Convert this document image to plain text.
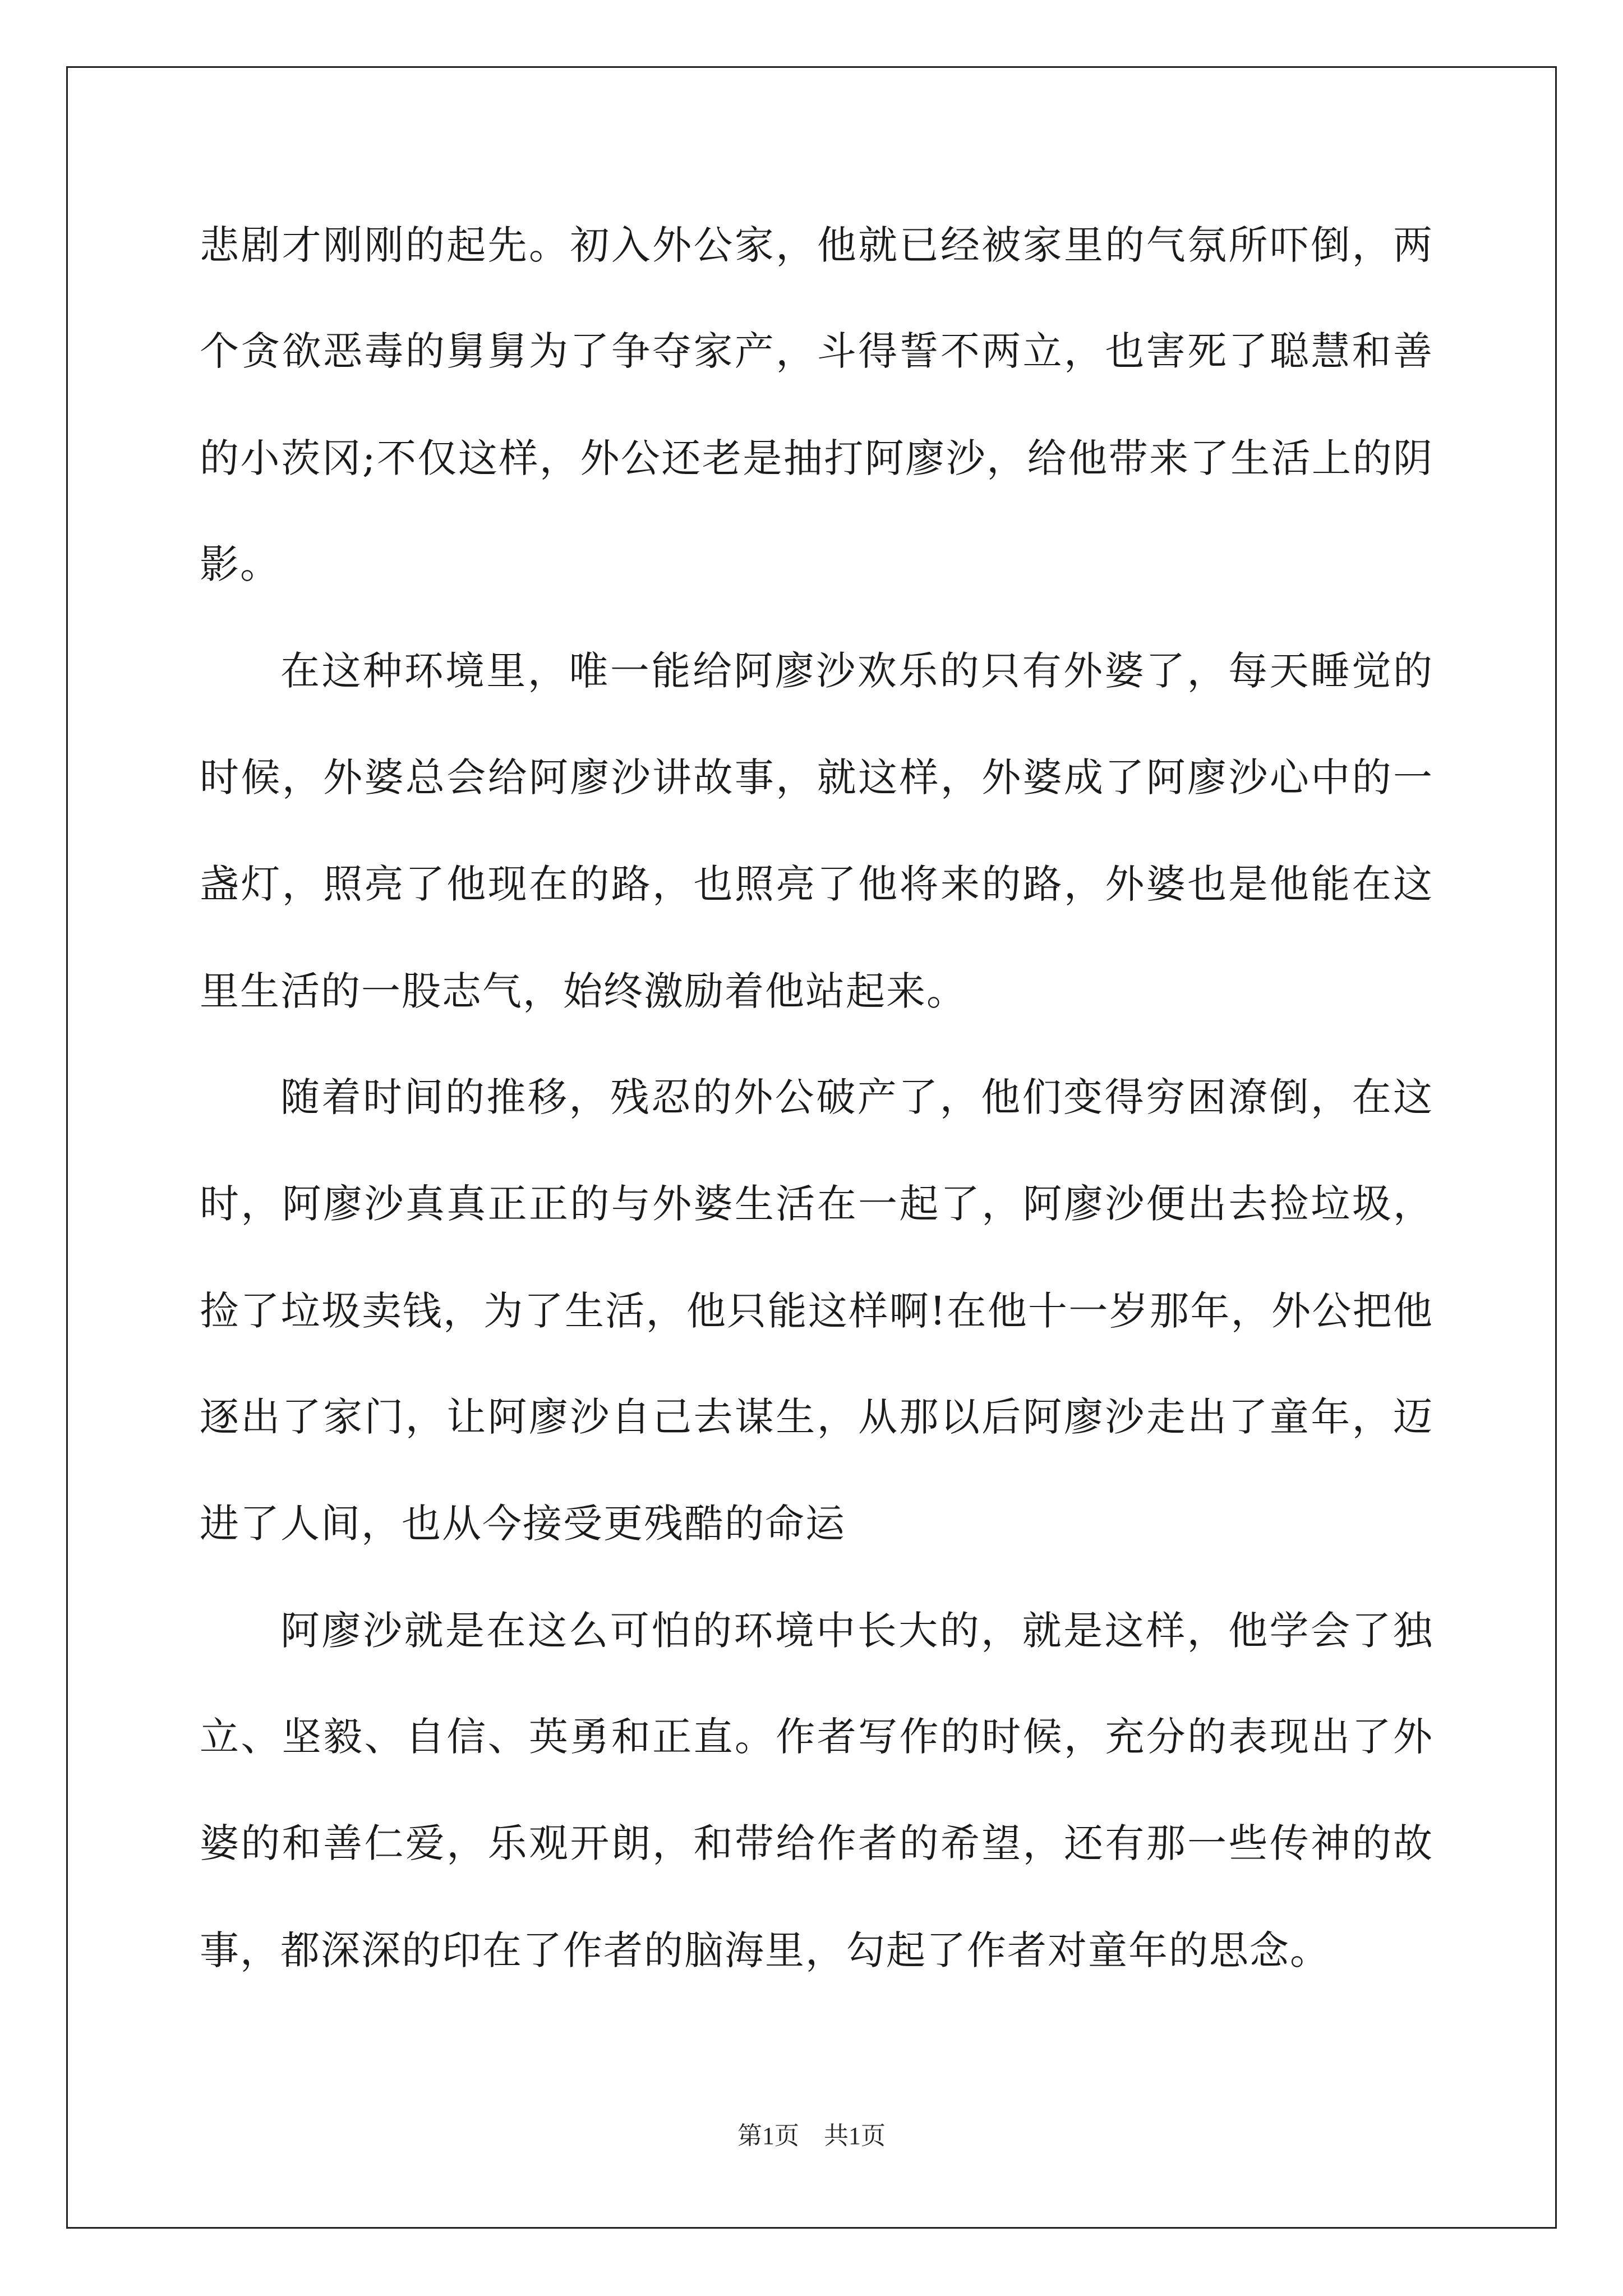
悲剧才刚刚的起先。初入外公家，他就已经被家里的气氛所吓倒，两
个贪欲恶毒的舅舅为了争夺家产，斗得誓不两立，也害死了聪慧和善
的小茨冈;不仅这样，外公还老是抽打阿廖沙，给他带来了生活上的阴
影。
在这种环境里，唯一能给阿廖沙欢乐的只有外婆了，每天睡觉的
时候，外婆总会给阿廖沙讲故事，就这样，外婆成了阿廖沙心中的一
盏灯，照亮了他现在的路，也照亮了他将来的路，外婆也是他能在这
里生活的一股志气，始终激励着他站起来。
随着时间的推移，残忍的外公破产了，他们变得穷困潦倒，在这
时，阿廖沙真真正正的与外婆生活在一起了，阿廖沙便出去捡垃圾，
捡了垃圾卖钱，为了生活，他只能这样啊!在他十一岁那年，外公把他
逐出了家门，让阿廖沙自己去谋生，从那以后阿廖沙走出了童年，迈
进了人间，也从今接受更残酷的命运
阿廖沙就是在这么可怕的环境中长大的，就是这样，他学会了独
立、坚毅、自信、英勇和正直。作者写作的时候，充分的表现出了外
婆的和善仁爱，乐观开朗，和带给作者的希望，还有那一些传神的故
事，都深深的印在了作者的脑海里，勾起了作者对童年的思念。
第1页　共1页
